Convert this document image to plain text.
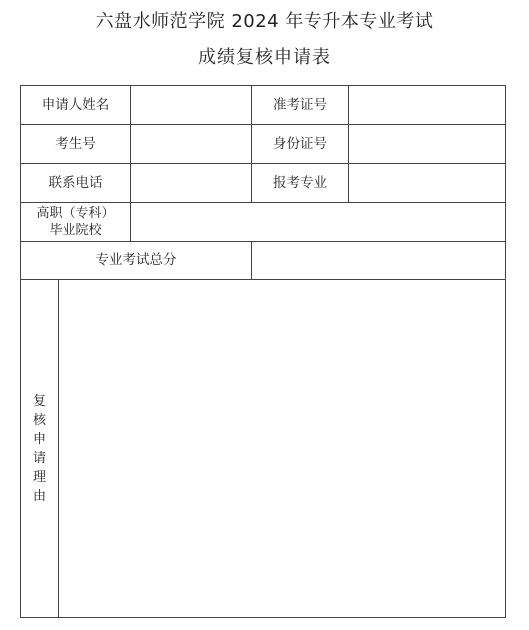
六盘水师范学院 2024 年专升本专业考试
成绩复核申请表
申请人姓名			准考证号	
考生号			身份证号	
联系电话			报考专业	

高职（专科）
毕业院校				

专业考试总分				

复核申请理由				
